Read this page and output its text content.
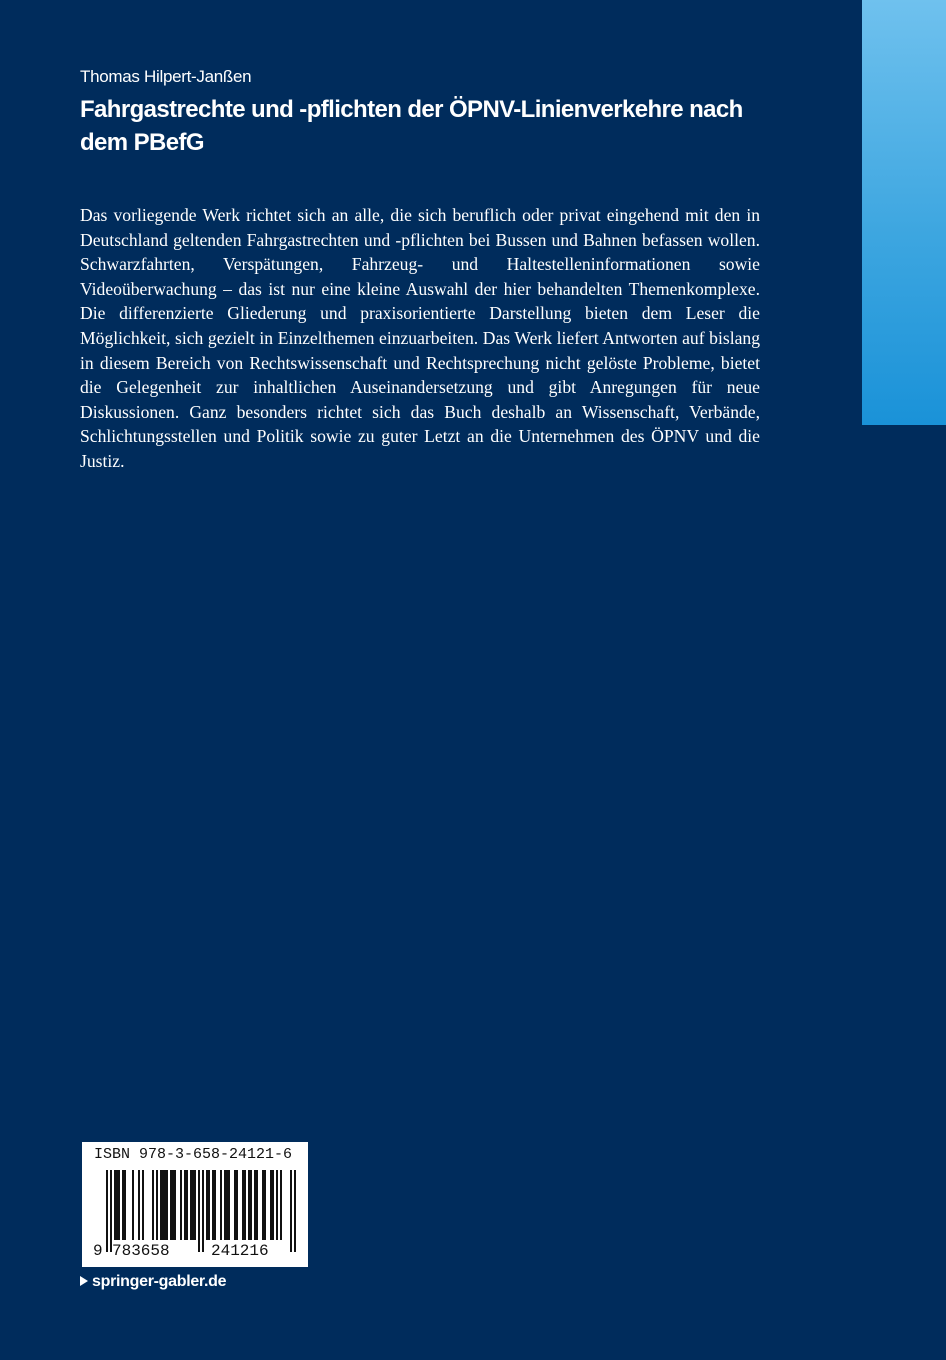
Thomas Hilpert-Janßen
Fahrgastrechte und -pflichten der ÖPNV-Linienverkehre nach dem PBefG
Das vorliegende Werk richtet sich an alle, die sich beruflich oder privat eingehend mit den in Deutschland geltenden Fahrgastrechten und -pflichten bei Bussen und Bahnen befassen wollen. Schwarzfahrten, Verspätungen, Fahrzeug- und Haltestelleninformationen sowie Videoüberwachung – das ist nur eine kleine Auswahl der hier behandelten Themenkomplexe. Die differenzierte Gliederung und praxisorientierte Darstellung bieten dem Leser die Möglichkeit, sich gezielt in Einzelthemen einzuarbeiten. Das Werk liefert Antworten auf bislang in diesem Bereich von Rechtswissenschaft und Rechtsprechung nicht gelöste Probleme, bietet die Gelegenheit zur inhaltlichen Auseinandersetzung und gibt Anregungen für neue Diskussionen. Ganz besonders richtet sich das Buch deshalb an Wissenschaft, Verbände, Schlichtungsstellen und Politik sowie zu guter Letzt an die Unternehmen des ÖPNV und die Justiz.
ISBN 978-3-658-24121-6
9 783658	241216
springer-gabler.de
